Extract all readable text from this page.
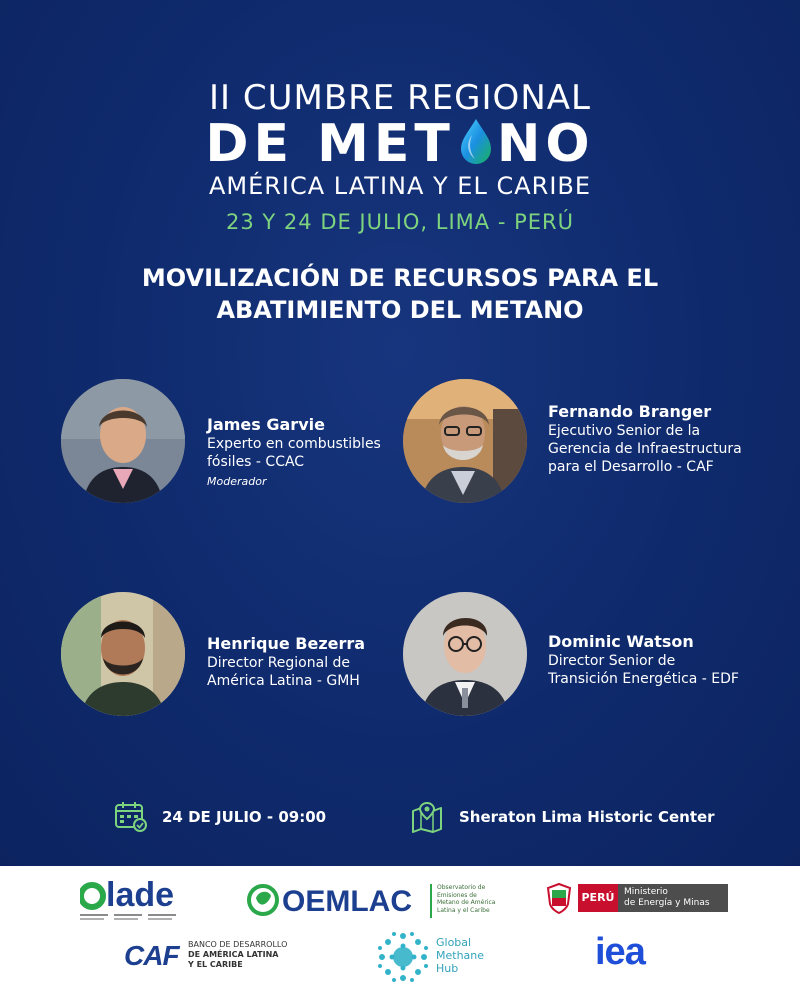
II CUMBRE REGIONAL
DE MET NO
AMÉRICA LATINA Y EL CARIBE
23 Y 24 DE JULIO, LIMA - PERÚ
MOVILIZACIÓN DE RECURSOS PARA EL
ABATIMIENTO DEL METANO
James Garvie
Experto en combustibles
fósiles - CCAC
Moderador
Fernando Branger
Ejecutivo Senior de la
Gerencia de Infraestructura
para el Desarrollo - CAF
Henrique Bezerra
Director Regional de
América Latina - GMH
Dominic Watson
Director Senior de
Transición Energética - EDF
24 DE JULIO - 09:00	Sheraton Lima Historic Center
lade	OEMLAC	Observatorio de
Emisiones de
Metano de América
Latina y el Caribe
PERÚ	Ministerio
de Energía y Minas
CAF BANCO DE DESARROLLO
DE AMÉRICA LATINA
Y EL CARIBE
Global
Methane
Hub	iea
